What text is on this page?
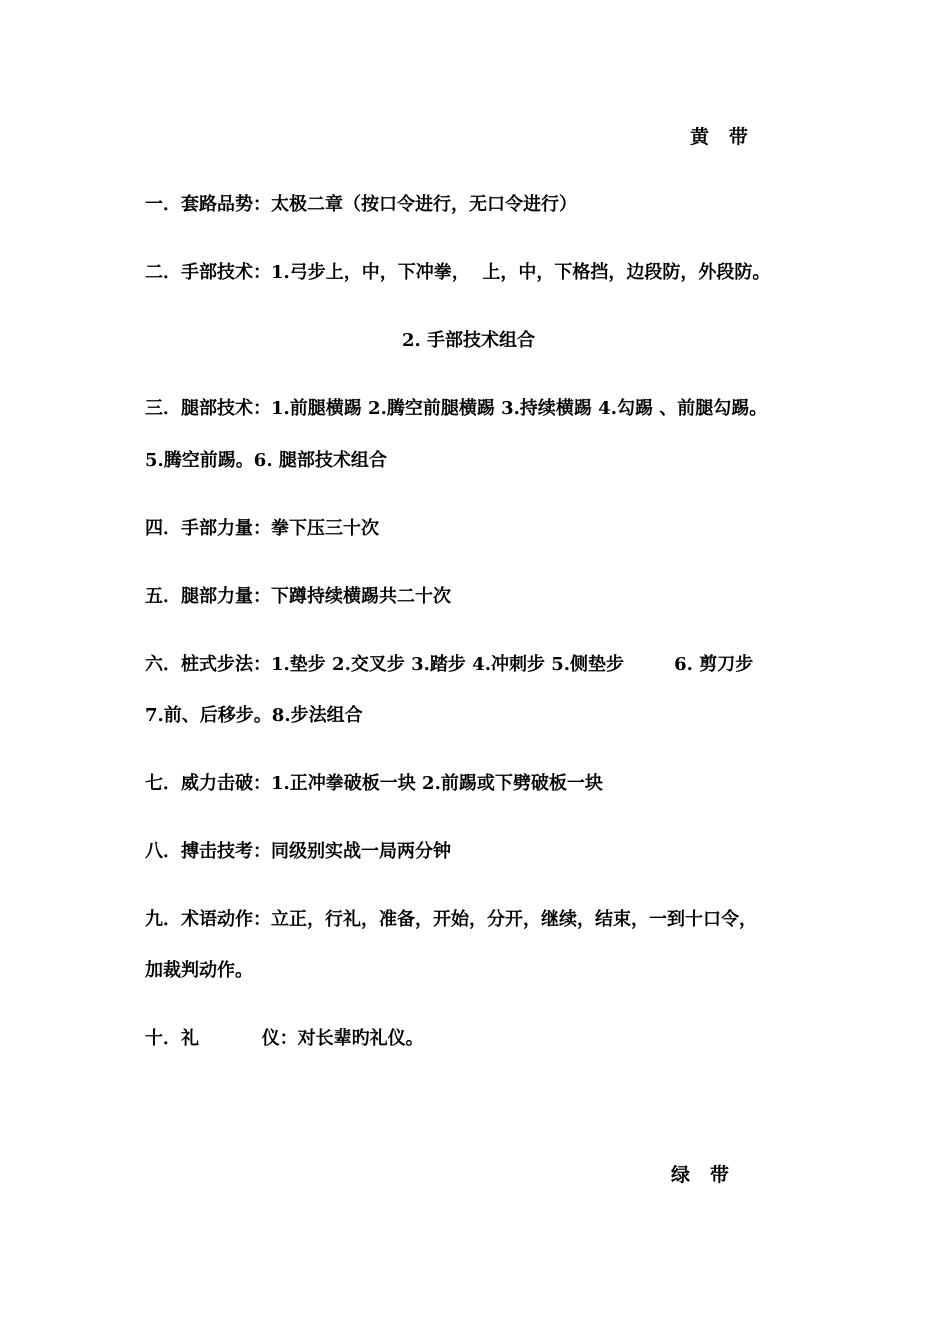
黄   带
一．套路品势：太极二章（按口令进行，无口令进行）
二．手部技术：1.弓步上，中，下冲拳，  上，中，下格挡，边段防，外段防。
2. 手部技术组合
三．腿部技术：1.前腿横踢 2.腾空前腿横踢 3.持续横踢 4.勾踢 、前腿勾踢。
5.腾空前踢。6. 腿部技术组合
四．手部力量：拳下压三十次
五．腿部力量：下蹲持续横踢共二十次
六．桩式步法：1.垫步 2.交叉步 3.踏步 4.冲刺步 5.侧垫步        6. 剪刀步
7.前、后移步。8.步法组合
七．威力击破：1.正冲拳破板一块 2.前踢或下劈破板一块
八．搏击技考：同级别实战一局两分钟
九．术语动作：立正，行礼，准备，开始，分开，继续，结束，一到十口令，
加裁判动作。
十．礼          仪：对长辈旳礼仪。
绿   带
